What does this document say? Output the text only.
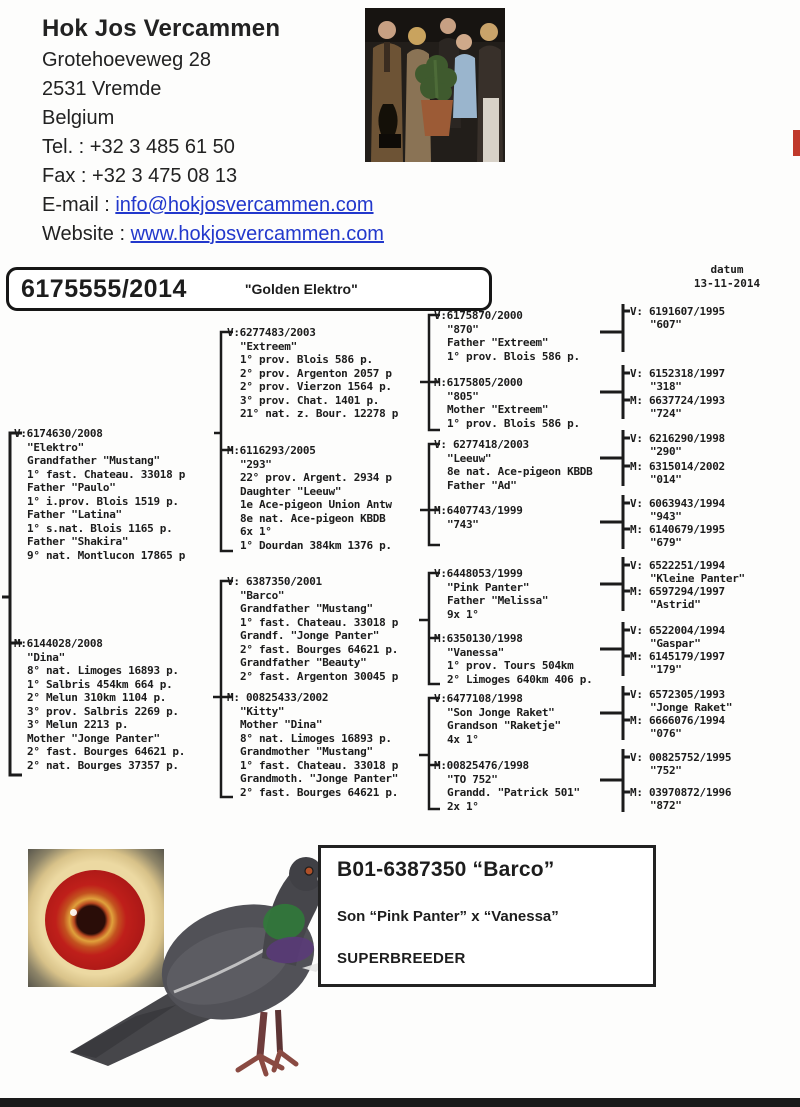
Hok Jos Vercammen
Grotehoeveweg 28
2531 Vremde
Belgium
Tel. : +32 3 485 61 50
Fax : +32 3 475 08 13
E-mail : info@hokjosvercammen.com
Website : www.hokjosvercammen.com
6175555/2014	"Golden Elektro"
datum
13-11-2014
V:6174630/2008
"Elektro"
Grandfather "Mustang"
1° fast. Chateau. 33018 p
Father "Paulo"
1° i.prov. Blois 1519 p.
Father "Latina"
1° s.nat. Blois 1165 p.
Father "Shakira"
9° nat. Montlucon 17865 p
M:6144028/2008
"Dina"
8° nat. Limoges 16893 p.
1° Salbris 454km 664 p.
2° Melun 310km 1104 p.
3° prov. Salbris 2269 p.
3° Melun 2213 p.
Mother "Jonge Panter"
2° fast. Bourges 64621 p.
2° nat. Bourges 37357 p.
V:6277483/2003
"Extreem"
1° prov. Blois 586 p.
2° prov. Argenton 2057 p
2° prov. Vierzon 1564 p.
3° prov. Chat. 1401 p.
21° nat. z. Bour. 12278 p
M:6116293/2005
"293"
22° prov. Argent. 2934 p
Daughter "Leeuw"
1e Ace-pigeon Union Antw
8e nat. Ace-pigeon KBDB
6x 1°
1° Dourdan 384km 1376 p.
V: 6387350/2001
"Barco"
Grandfather "Mustang"
1° fast. Chateau. 33018 p
Grandf. "Jonge Panter"
2° fast. Bourges 64621 p.
Grandfather "Beauty"
2° fast. Argenton 30045 p
M: 00825433/2002
"Kitty"
Mother "Dina"
8° nat. Limoges 16893 p.
Grandmother "Mustang"
1° fast. Chateau. 33018 p
Grandmoth. "Jonge Panter"
2° fast. Bourges 64621 p.
V:6175870/2000
"870"
Father "Extreem"
1° prov. Blois 586 p.
M:6175805/2000
"805"
Mother "Extreem"
1° prov. Blois 586 p.
V: 6277418/2003
"Leeuw"
8e nat. Ace-pigeon KBDB
Father "Ad"
M:6407743/1999
"743"
V:6448053/1999
"Pink Panter"
Father "Melissa"
9x 1°
M:6350130/1998
"Vanessa"
1° prov. Tours 504km
2° Limoges 640km 406 p.
V:6477108/1998
"Son Jonge Raket"
Grandson "Raketje"
4x 1°
M:00825476/1998
"TO 752"
Grandd. "Patrick 501"
2x 1°
V: 6191607/1995
"607"
V: 6152318/1997
"318"
M: 6637724/1993
"724"
V: 6216290/1998
"290"
M: 6315014/2002
"014"
V: 6063943/1994
"943"
M: 6140679/1995
"679"
V: 6522251/1994
"Kleine Panter"
M: 6597294/1997
"Astrid"
V: 6522004/1994
"Gaspar"
M: 6145179/1997
"179"
V: 6572305/1993
"Jonge Raket"
M: 6666076/1994
"076"
V: 00825752/1995
"752"
M: 03970872/1996
"872"
B01-6387350 “Barco”
Son “Pink Panter” x “Vanessa”
SUPERBREEDER
